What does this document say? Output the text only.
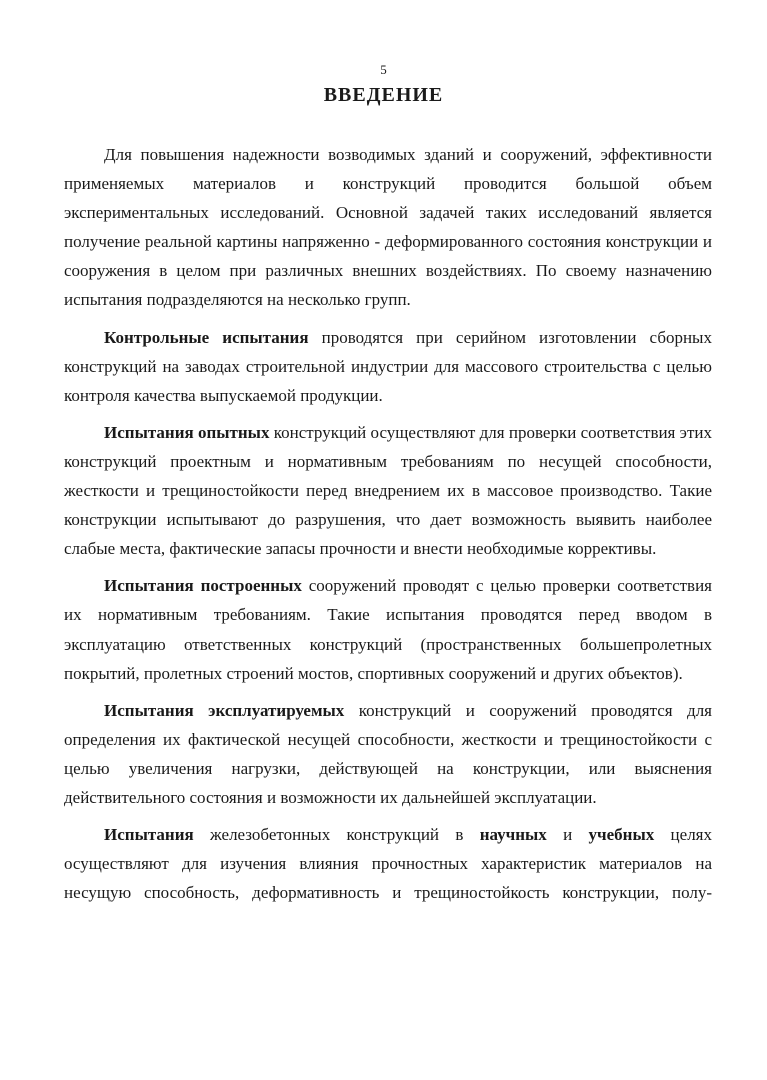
5
ВВЕДЕНИЕ

Для повышения надежности возводимых зданий и сооружений, эффективности применяемых материалов и конструкций проводится большой объем экспериментальных исследований. Основной задачей таких исследований является получение реальной картины напряженно - деформированного состояния конструкции и сооружения в целом при различных внешних воздействиях. По своему назначению испытания подразделяются на несколько групп.

Контрольные испытания проводятся при серийном изготовлении сборных конструкций на заводах строительной индустрии для массового строительства с целью контроля качества выпускаемой продукции.

Испытания опытных конструкций осуществляют для проверки соответствия этих конструкций проектным и нормативным требованиям по несущей способности, жесткости и трещиностойкости перед внедрением их в массовое производство. Такие конструкции испытывают до разрушения, что дает возможность выявить наиболее слабые места, фактические запасы прочности и внести необходимые коррективы.

Испытания построенных сооружений проводят с целью проверки соответствия их нормативным требованиям. Такие испытания проводятся перед вводом в эксплуатацию ответственных конструкций (пространственных большепролетных покрытий, пролетных строений мостов, спортивных сооружений и других объектов).

Испытания эксплуатируемых конструкций и сооружений проводятся для определения их фактической несущей способности, жесткости и трещиностойкости с целью увеличения нагрузки, действующей на конструкции, или выяснения действительного состояния и возможности их дальнейшей эксплуатации.

Испытания железобетонных конструкций в научных и учебных целях осуществляют для изучения влияния прочностных характеристик материалов на несущую способность, деформативность и трещиностойкость конструкции, полу-
